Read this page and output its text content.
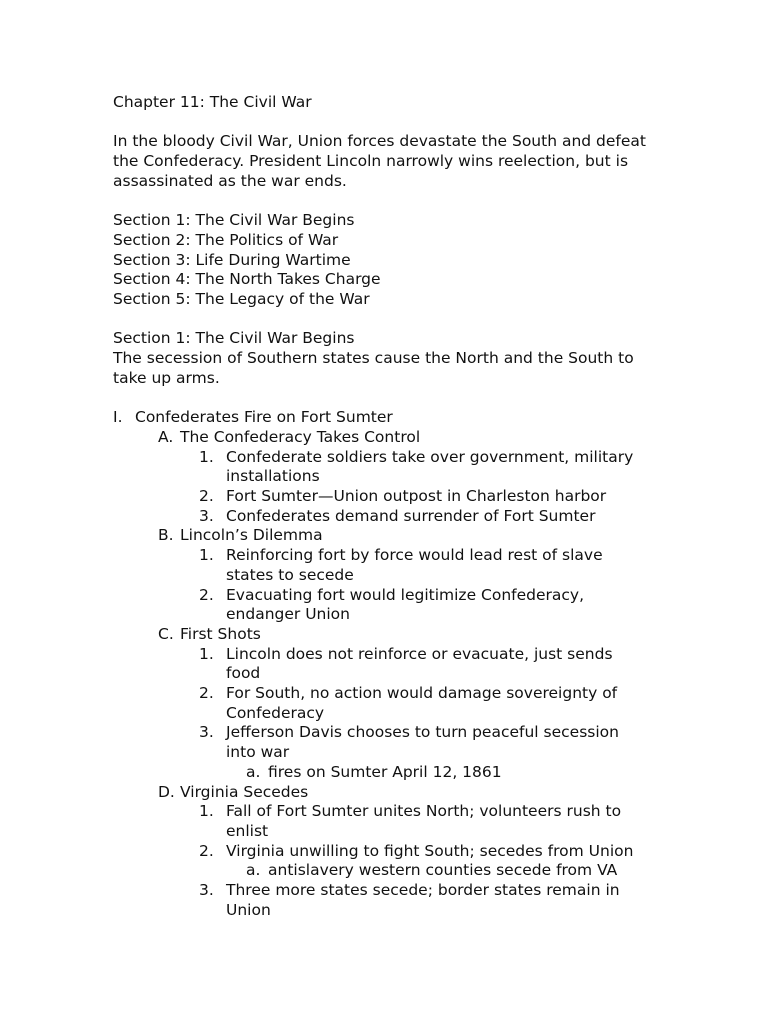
Chapter 11: The Civil War
In the bloody Civil War, Union forces devastate the South and defeat
the Confederacy. President Lincoln narrowly wins reelection, but is
assassinated as the war ends.
Section 1: The Civil War Begins
Section 2: The Politics of War
Section 3: Life During Wartime
Section 4: The North Takes Charge
Section 5: The Legacy of the War
Section 1: The Civil War Begins
The secession of Southern states cause the North and the South to
take up arms.
I. Confederates Fire on Fort Sumter
A. The Confederacy Takes Control
1. Confederate soldiers take over government, military
installations
2. Fort Sumter—Union outpost in Charleston harbor
3. Confederates demand surrender of Fort Sumter
B. Lincoln’s Dilemma
1. Reinforcing fort by force would lead rest of slave
states to secede
2. Evacuating fort would legitimize Confederacy,
endanger Union
C. First Shots
1. Lincoln does not reinforce or evacuate, just sends
food
2. For South, no action would damage sovereignty of
Confederacy
3. Jefferson Davis chooses to turn peaceful secession
into war
a. fires on Sumter April 12, 1861
D. Virginia Secedes
1. Fall of Fort Sumter unites North; volunteers rush to
enlist
2. Virginia unwilling to fight South; secedes from Union
a. antislavery western counties secede from VA
3. Three more states secede; border states remain in
Union
